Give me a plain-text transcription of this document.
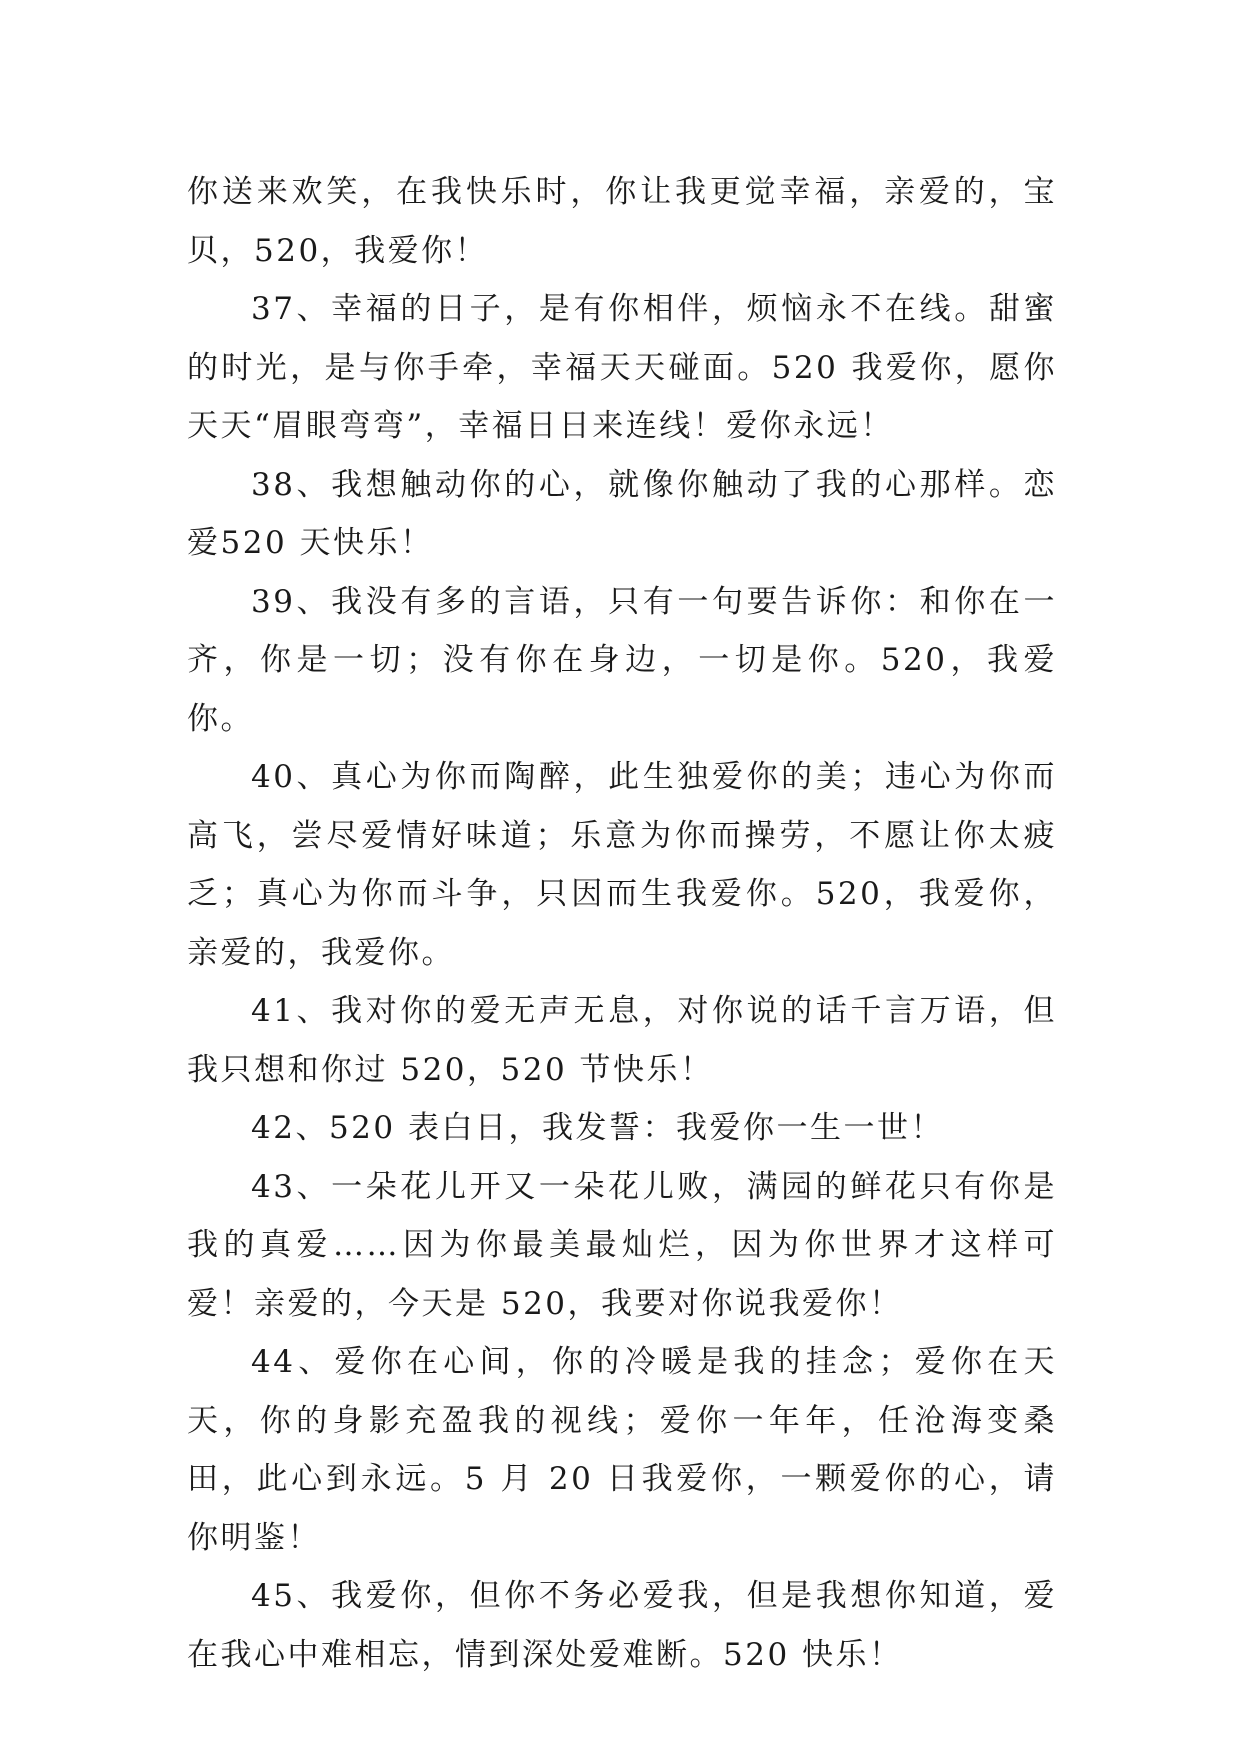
你送来欢笑，在我快乐时，你让我更觉幸福，亲爱的，宝贝，520，我爱你！

37、幸福的日子，是有你相伴，烦恼永不在线。甜蜜的时光，是与你手牵，幸福天天碰面。520 我爱你，愿你天天“眉眼弯弯”，幸福日日来连线！爱你永远！

38、我想触动你的心，就像你触动了我的心那样。恋爱520 天快乐！

39、我没有多的言语，只有一句要告诉你：和你在一齐，你是一切；没有你在身边，一切是你。520，我爱你。

40、真心为你而陶醉，此生独爱你的美；违心为你而高飞，尝尽爱情好味道；乐意为你而操劳，不愿让你太疲乏；真心为你而斗争，只因而生我爱你。520，我爱你，亲爱的，我爱你。

41、我对你的爱无声无息，对你说的话千言万语，但我只想和你过 520，520 节快乐！

42、520 表白日，我发誓：我爱你一生一世！

43、一朵花儿开又一朵花儿败，满园的鲜花只有你是我的真爱……因为你最美最灿烂，因为你世界才这样可爱！亲爱的，今天是 520，我要对你说我爱你！

44、爱你在心间，你的冷暖是我的挂念；爱你在天天，你的身影充盈我的视线；爱你一年年，任沧海变桑田，此心到永远。5 月 20 日我爱你，一颗爱你的心，请你明鉴！

45、我爱你，但你不务必爱我，但是我想你知道，爱在我心中难相忘，情到深处爱难断。520 快乐！
